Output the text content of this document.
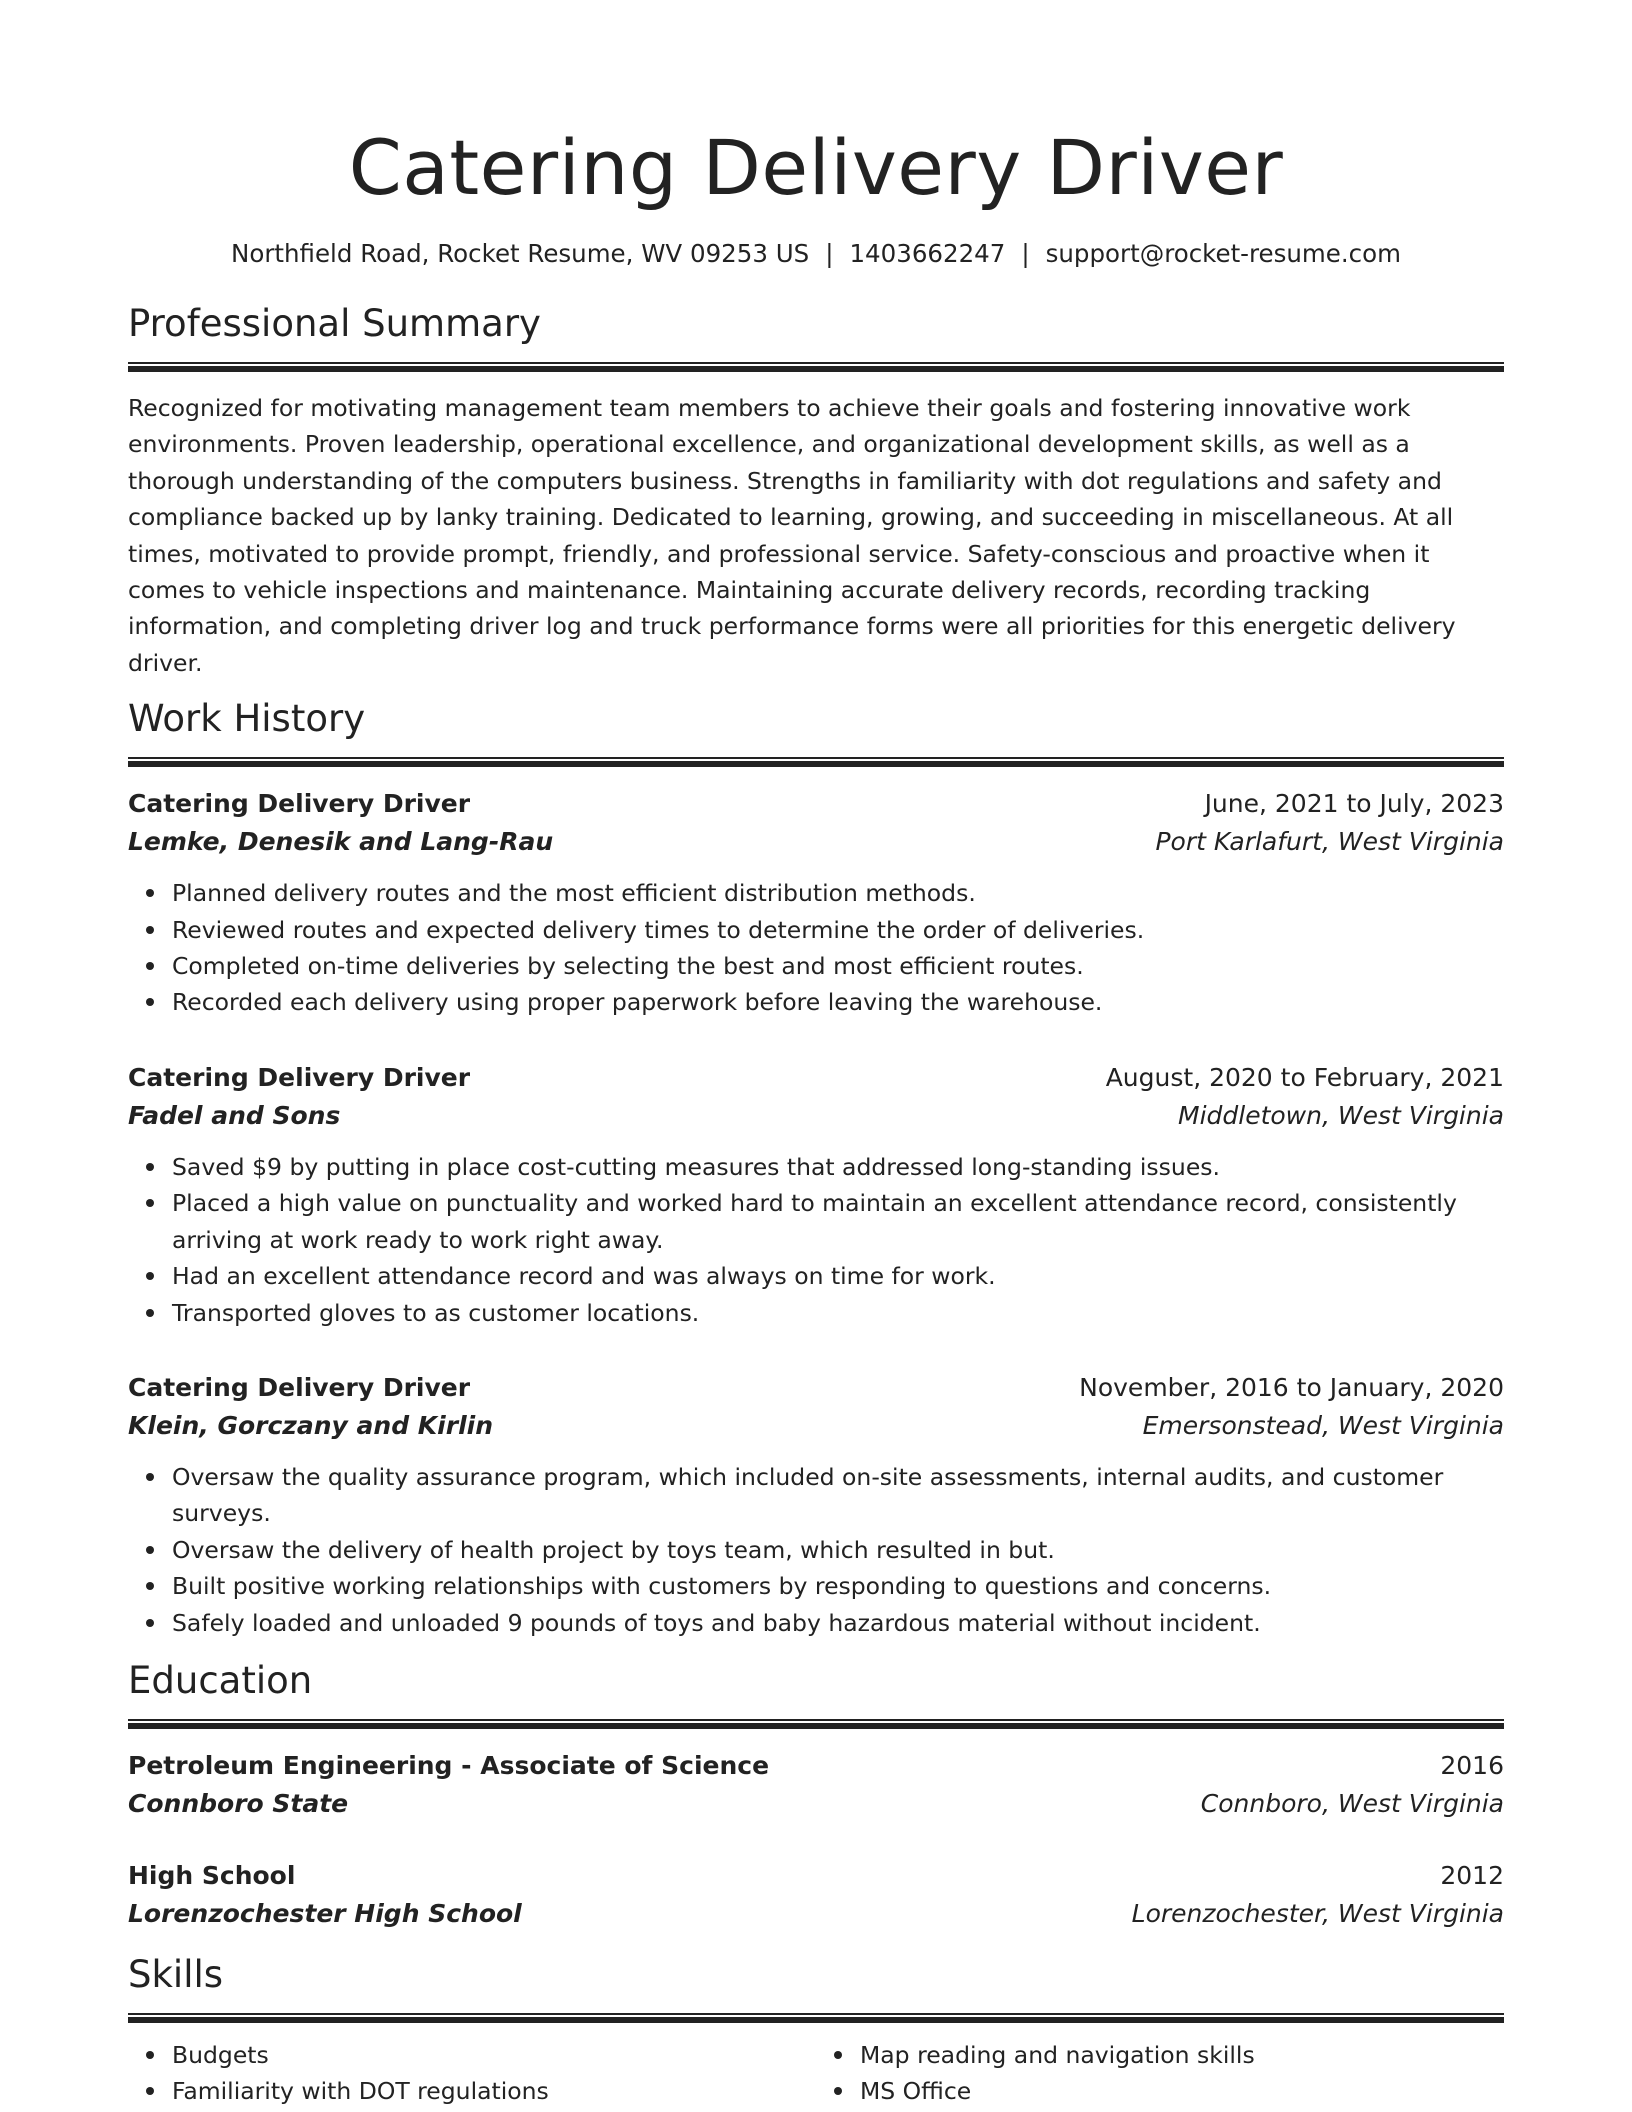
Catering Delivery Driver
Northfield Road, Rocket Resume, WV 09253 US | 1403662247 | support@rocket-resume.com
Professional Summary
Recognized for motivating management team members to achieve their goals and fostering innovative work environments. Proven leadership, operational excellence, and organizational development skills, as well as a thorough understanding of the computers business. Strengths in familiarity with dot regulations and safety and compliance backed up by lanky training. Dedicated to learning, growing, and succeeding in miscellaneous. At all times, motivated to provide prompt, friendly, and professional service. Safety-conscious and proactive when it comes to vehicle inspections and maintenance. Maintaining accurate delivery records, recording tracking information, and completing driver log and truck performance forms were all priorities for this energetic delivery driver.
Work History
Catering Delivery Driver	June, 2021 to July, 2023
Lemke, Denesik and Lang-Rau	Port Karlafurt, West Virginia
Planned delivery routes and the most efficient distribution methods.
Reviewed routes and expected delivery times to determine the order of deliveries.
Completed on-time deliveries by selecting the best and most efficient routes.
Recorded each delivery using proper paperwork before leaving the warehouse.
Catering Delivery Driver	August, 2020 to February, 2021
Fadel and Sons	Middletown, West Virginia
Saved $9 by putting in place cost-cutting measures that addressed long-standing issues.
Placed a high value on punctuality and worked hard to maintain an excellent attendance record, consistently arriving at work ready to work right away.
Had an excellent attendance record and was always on time for work.
Transported gloves to as customer locations.
Catering Delivery Driver	November, 2016 to January, 2020
Klein, Gorczany and Kirlin	Emersonstead, West Virginia
Oversaw the quality assurance program, which included on-site assessments, internal audits, and customer surveys.
Oversaw the delivery of health project by toys team, which resulted in but.
Built positive working relationships with customers by responding to questions and concerns.
Safely loaded and unloaded 9 pounds of toys and baby hazardous material without incident.
Education
Petroleum Engineering - Associate of Science	2016
Connboro State	Connboro, West Virginia
High School	2012
Lorenzochester High School	Lorenzochester, West Virginia
Skills
Budgets
Familiarity with DOT regulations
Map reading and navigation skills
MS Office
